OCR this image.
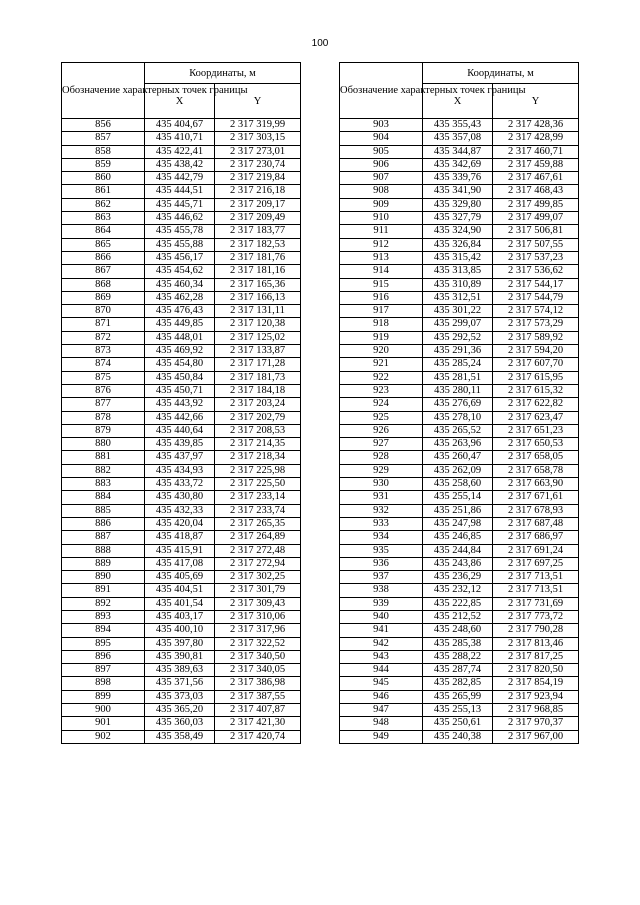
100
Обозначение характерных точек границы	Координаты, м	
	X	Y
856	435 404,67	2 317 319,99
857	435 410,71	2 317 303,15
858	435 422,41	2 317 273,01
859	435 438,42	2 317 230,74
860	435 442,79	2 317 219,84
861	435 444,51	2 317 216,18
862	435 445,71	2 317 209,17
863	435 446,62	2 317 209,49
864	435 455,78	2 317 183,77
865	435 455,88	2 317 182,53
866	435 456,17	2 317 181,76
867	435 454,62	2 317 181,16
868	435 460,34	2 317 165,36
869	435 462,28	2 317 166,13
870	435 476,43	2 317 131,11
871	435 449,85	2 317 120,38
872	435 448,01	2 317 125,02
873	435 469,92	2 317 133,87
874	435 454,80	2 317 171,28
875	435 450,84	2 317 181,73
876	435 450,71	2 317 184,18
877	435 443,92	2 317 203,24
878	435 442,66	2 317 202,79
879	435 440,64	2 317 208,53
880	435 439,85	2 317 214,35
881	435 437,97	2 317 218,34
882	435 434,93	2 317 225,98
883	435 433,72	2 317 225,50
884	435 430,80	2 317 233,14
885	435 432,33	2 317 233,74
886	435 420,04	2 317 265,35
887	435 418,87	2 317 264,89
888	435 415,91	2 317 272,48
889	435 417,08	2 317 272,94
890	435 405,69	2 317 302,25
891	435 404,51	2 317 301,79
892	435 401,54	2 317 309,43
893	435 403,17	2 317 310,06
894	435 400,10	2 317 317,96
895	435 397,80	2 317 322,52
896	435 390,81	2 317 340,50
897	435 389,63	2 317 340,05
898	435 371,56	2 317 386,98
899	435 373,03	2 317 387,55
900	435 365,20	2 317 407,87
901	435 360,03	2 317 421,30
902	435 358,49	2 317 420,74
Обозначение характерных точек границы	Координаты, м	
	X	Y
903	435 355,43	2 317 428,36
904	435 357,08	2 317 428,99
905	435 344,87	2 317 460,71
906	435 342,69	2 317 459,88
907	435 339,76	2 317 467,61
908	435 341,90	2 317 468,43
909	435 329,80	2 317 499,85
910	435 327,79	2 317 499,07
911	435 324,90	2 317 506,81
912	435 326,84	2 317 507,55
913	435 315,42	2 317 537,23
914	435 313,85	2 317 536,62
915	435 310,89	2 317 544,17
916	435 312,51	2 317 544,79
917	435 301,22	2 317 574,12
918	435 299,07	2 317 573,29
919	435 292,52	2 317 589,92
920	435 291,36	2 317 594,20
921	435 285,24	2 317 607,70
922	435 281,51	2 317 615,95
923	435 280,11	2 317 615,32
924	435 276,69	2 317 622,82
925	435 278,10	2 317 623,47
926	435 265,52	2 317 651,23
927	435 263,96	2 317 650,53
928	435 260,47	2 317 658,05
929	435 262,09	2 317 658,78
930	435 258,60	2 317 663,90
931	435 255,14	2 317 671,61
932	435 251,86	2 317 678,93
933	435 247,98	2 317 687,48
934	435 246,85	2 317 686,97
935	435 244,84	2 317 691,24
936	435 243,86	2 317 697,25
937	435 236,29	2 317 713,51
938	435 232,12	2 317 713,51
939	435 222,85	2 317 731,69
940	435 212,52	2 317 773,72
941	435 248,60	2 317 790,28
942	435 285,38	2 317 813,46
943	435 288,22	2 317 817,25
944	435 287,74	2 317 820,50
945	435 282,85	2 317 854,19
946	435 265,99	2 317 923,94
947	435 255,13	2 317 968,85
948	435 250,61	2 317 970,37
949	435 240,38	2 317 967,00
